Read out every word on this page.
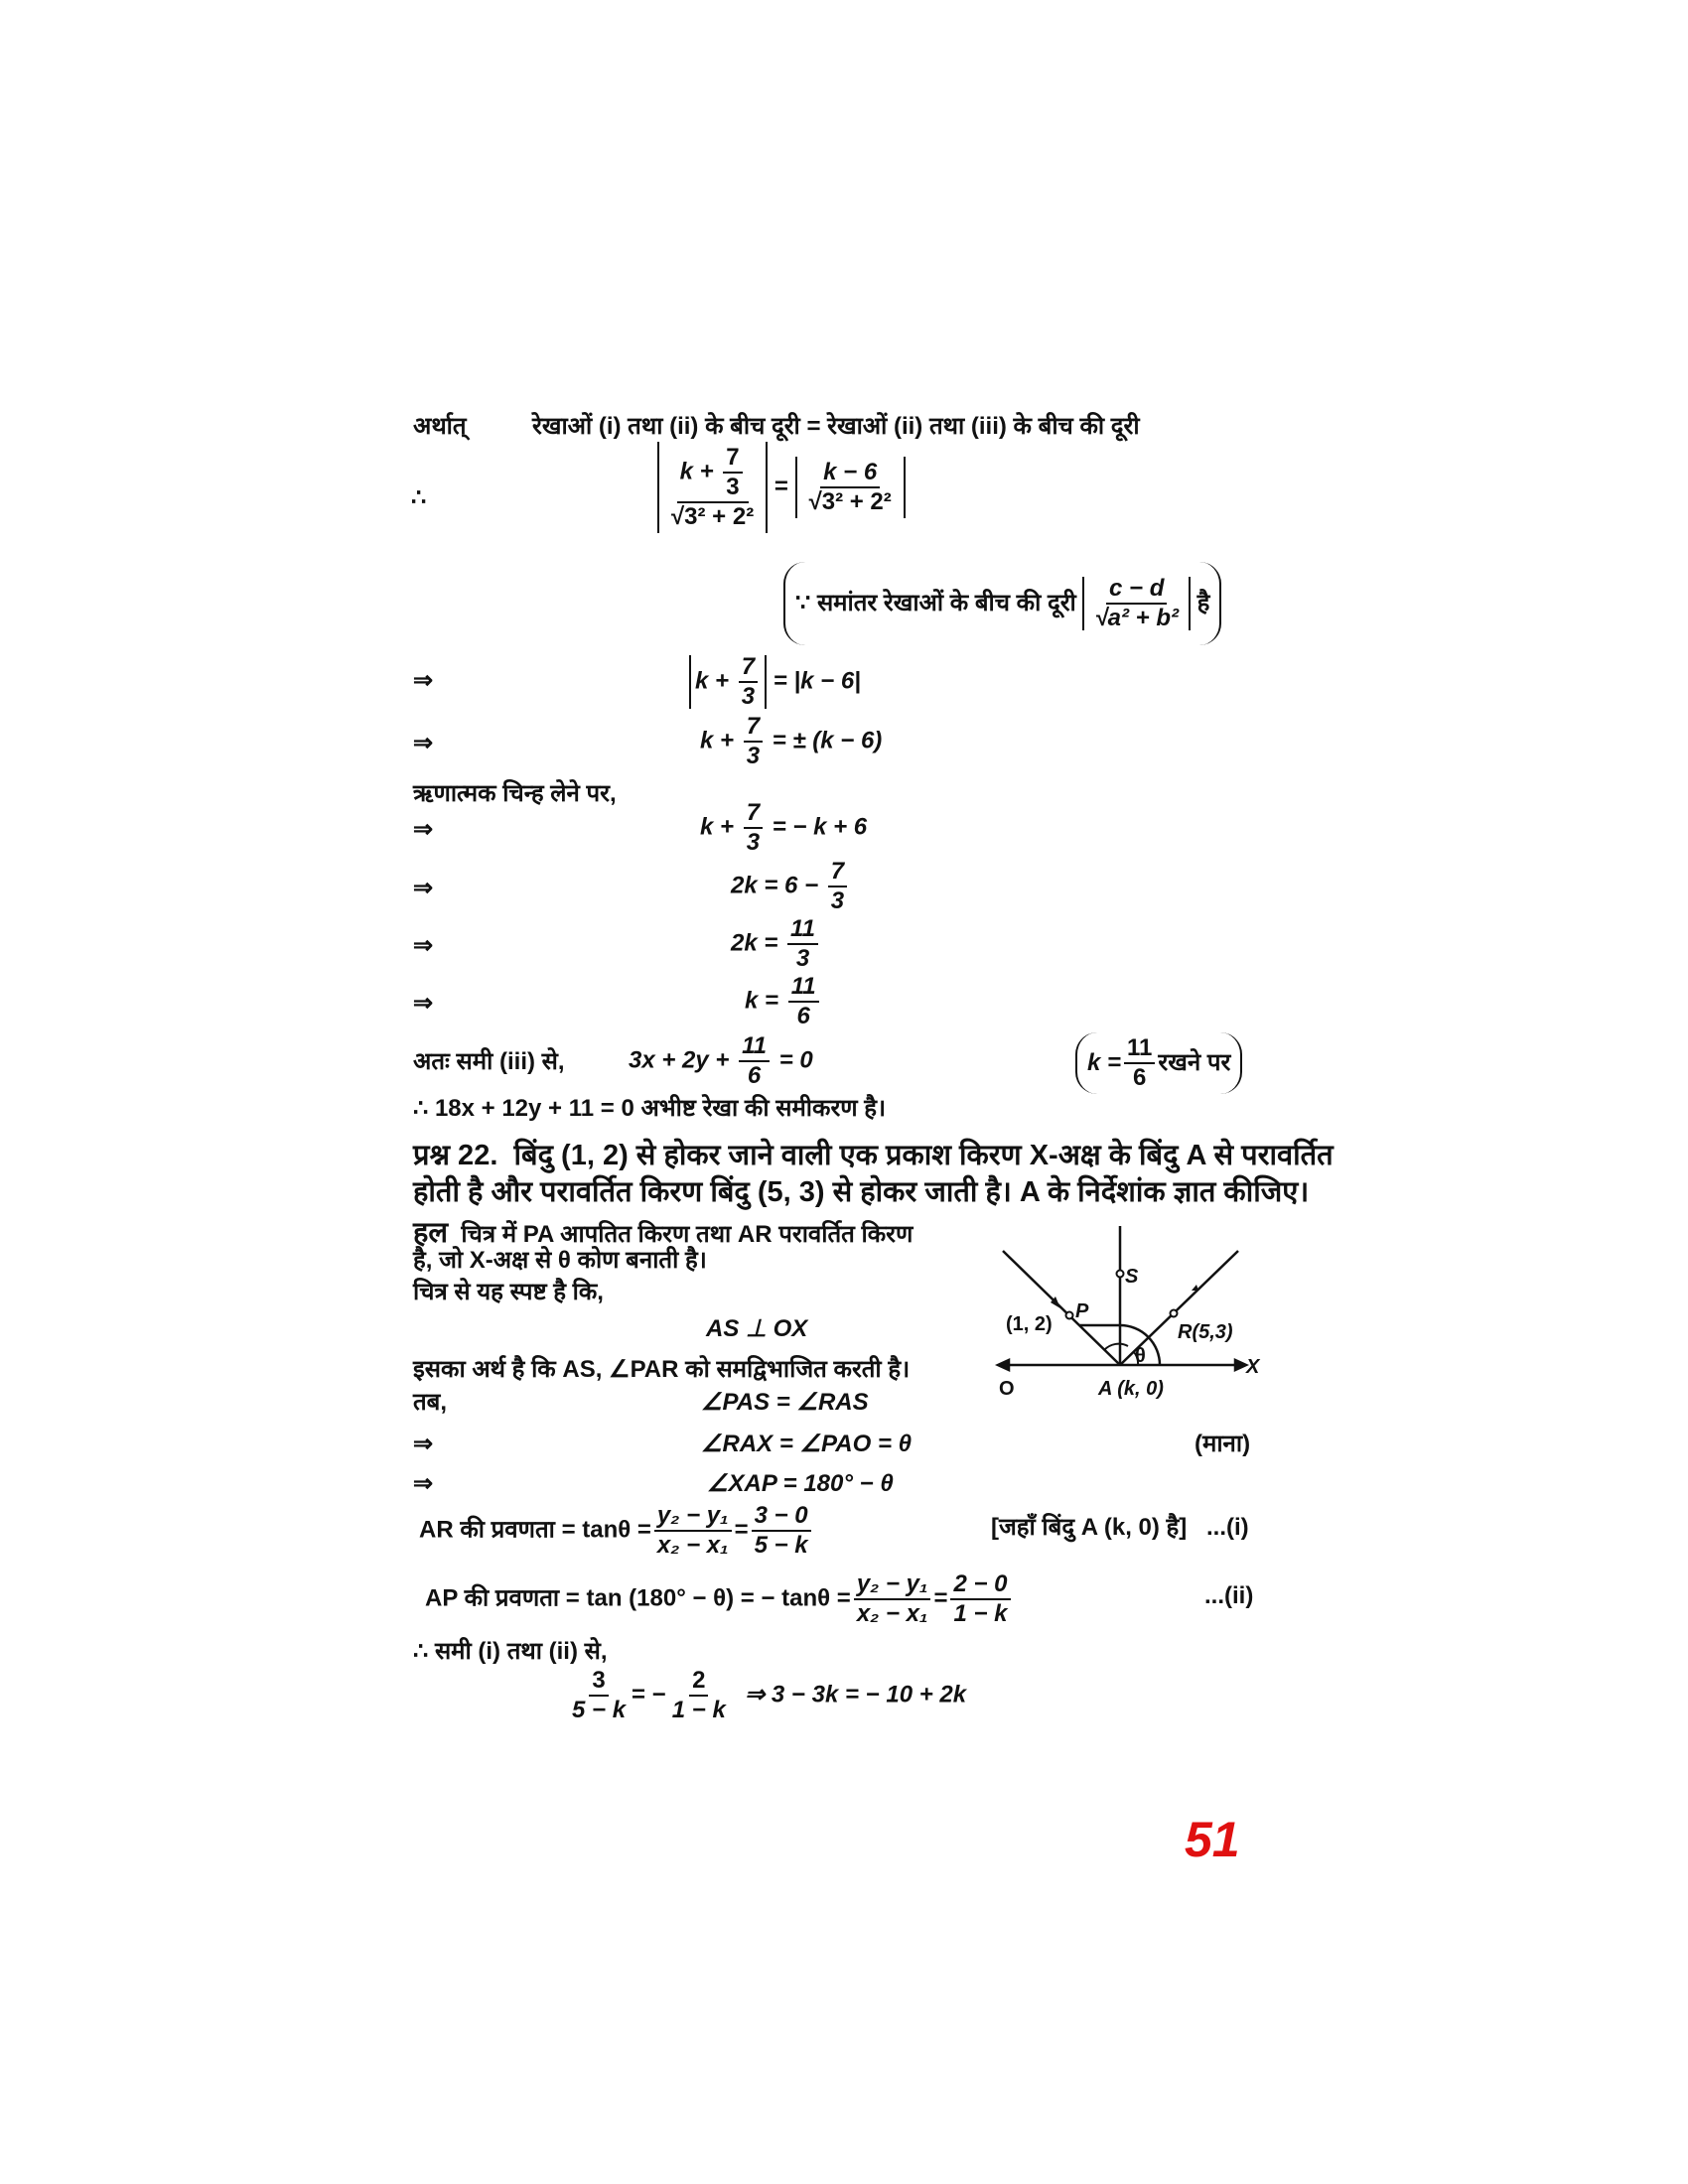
अर्थात्	रेखाओं (i) तथा (ii) के बीच दूरी = रेखाओं (ii) तथा (iii) के बीच की दूरी
∴	$\frac{k + \frac{7}{3}}{\text{√3² + 2²}} = \frac{k - 6}{\text{√3² + 2²}}$
∵ समांतर रेखाओं के बीच की दूरी
$\frac{c - d}{\text{√a² + b²}}$
है
⇒	$k + \frac{7}{3} = |k - 6|$
⇒	$k + \frac{7}{3}$ = ± (k − 6)
ऋणात्मक चिन्ह लेने पर,
⇒	$k + \frac{7}{3}$ = − k + 6
⇒	$2k = 6 - \frac{7}{3}$
⇒	$2k = \frac{11}{3}$
⇒	$k = \frac{11}{6}$
अतः समी (iii) से,	$3x + 2y + \frac{11}{6} = 0$	$k = \frac{11}{6}$ रखने पर
∴ 18x + 12y + 11 = 0 अभीष्ट रेखा की समीकरण है।
प्रश्न 22. बिंदु (1, 2) से होकर जाने वाली एक प्रकाश किरण X-अक्ष के बिंदु A से परावर्तित
होती है और परावर्तित किरण बिंदु (5, 3) से होकर जाती है। A के निर्देशांक ज्ञात कीजिए।
हल चित्र में PA आपतित किरण तथा AR परावर्तित किरण
है, जो X-अक्ष से θ कोण बनाती है।
चित्र से यह स्पष्ट है कि,
AS ⊥ OX
इसका अर्थ है कि AS, ∠PAR को समद्विभाजित करती है।
तब,	∠PAS = ∠RAS
⇒	∠RAX = ∠PAO = θ	(माना)
⇒	∠XAP = 180° − θ
AR की प्रवणता = $\tan\theta = \frac{\text{y₂ − y₁}}{\text{x₂ − x₁}} = \frac{3 - 0}{5 - k}$	[जहाँ बिंदु A (k, 0) है] ...(i)
AP की प्रवणता = tan (180° − θ) = − $\tan\theta = \frac{\text{y₂ − y₁}}{\text{x₂ − x₁}} = \frac{2 - 0}{1 - k}$	...(ii)
∴ समी (i) तथा (ii) से,
$\frac{3}{5 - k}$ = − $\frac{2}{1 - k}$ ⇒ 3 − 3k = − 10 + 2k
(1, 2)
P
S
R(5,3)
θ	X
O	A (k, 0)
51
